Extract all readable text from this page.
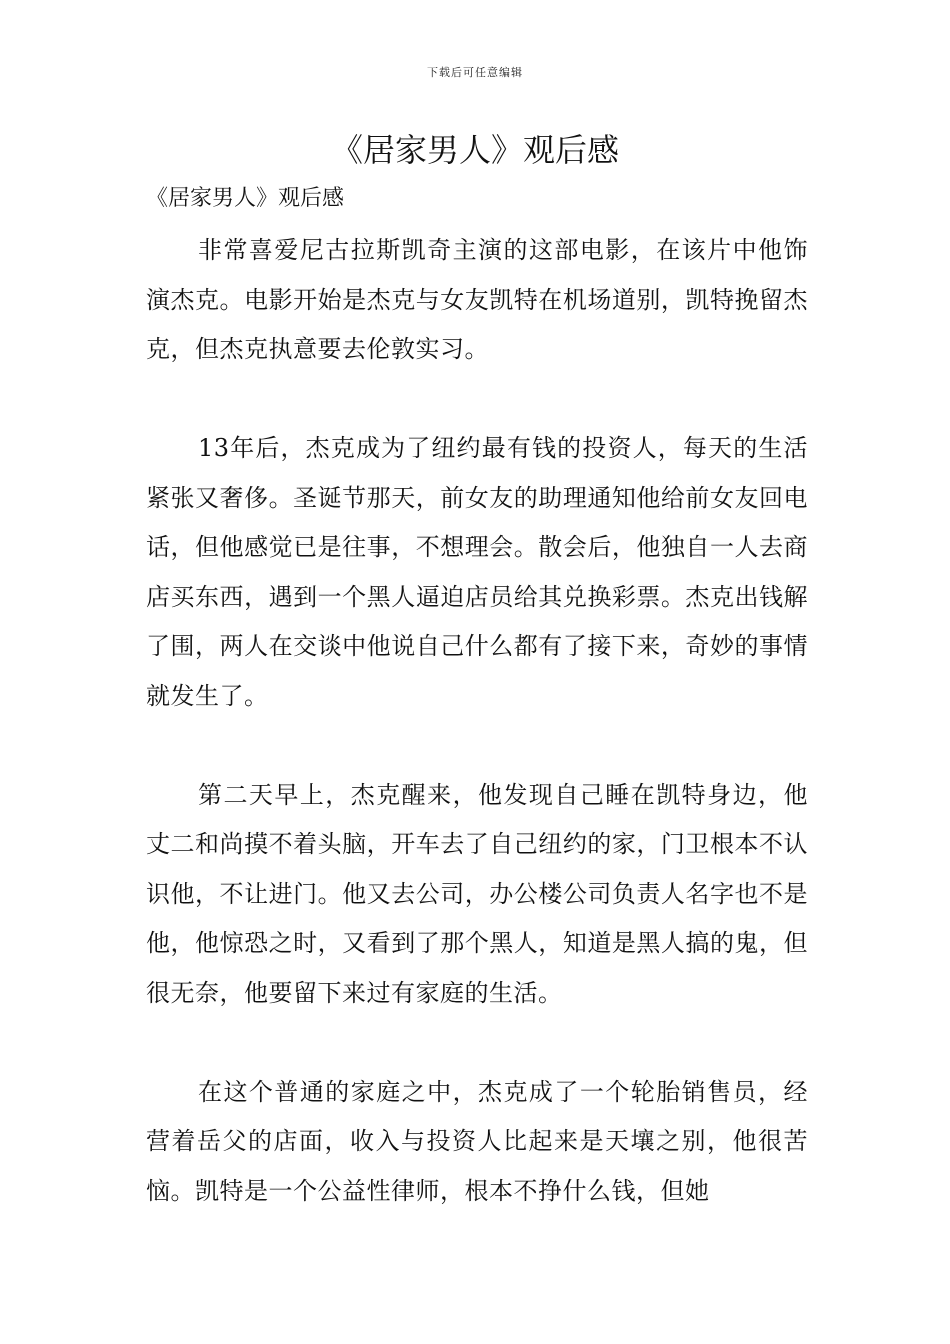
下载后可任意编辑
《居家男人》观后感
《居家男人》观后感

非常喜爱尼古拉斯凯奇主演的这部电影，在该片中他饰演杰克。电影开始是杰克与女友凯特在机场道别，凯特挽留杰克，但杰克执意要去伦敦实习。

13年后，杰克成为了纽约最有钱的投资人，每天的生活紧张又奢侈。圣诞节那天，前女友的助理通知他给前女友回电话，但他感觉已是往事，不想理会。散会后，他独自一人去商店买东西，遇到一个黑人逼迫店员给其兑换彩票。杰克出钱解了围，两人在交谈中他说自己什么都有了接下来，奇妙的事情就发生了。

第二天早上，杰克醒来，他发现自己睡在凯特身边，他丈二和尚摸不着头脑，开车去了自己纽约的家，门卫根本不认识他，不让进门。他又去公司，办公楼公司负责人名字也不是他，他惊恐之时，又看到了那个黑人，知道是黑人搞的鬼，但很无奈，他要留下来过有家庭的生活。

在这个普通的家庭之中，杰克成了一个轮胎销售员，经营着岳父的店面，收入与投资人比起来是天壤之别，他很苦恼。凯特是一个公益性律师，根本不挣什么钱，但她
